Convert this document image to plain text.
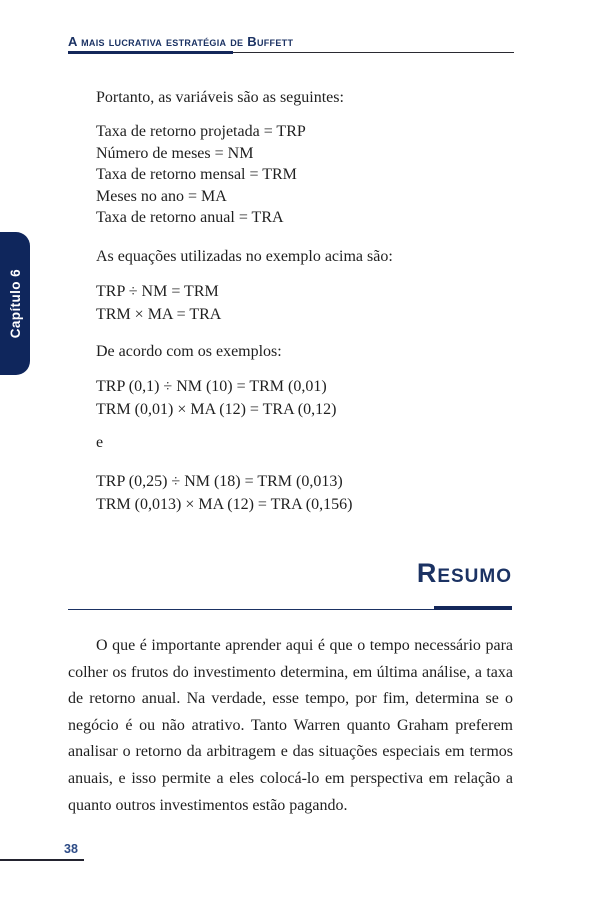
A mais lucrativa estratégia de Buffett
Capítulo 6
Portanto, as variáveis são as seguintes:
Taxa de retorno projetada = TRP
Número de meses = NM
Taxa de retorno mensal = TRM
Meses no ano = MA
Taxa de retorno anual = TRA
As equações utilizadas no exemplo acima são:
TRP ÷ NM = TRM
TRM × MA = TRA
De acordo com os exemplos:
TRP (0,1) ÷ NM (10) = TRM (0,01)
TRM (0,01) × MA (12) = TRA (0,12)
e
TRP (0,25) ÷ NM (18) = TRM (0,013)
TRM (0,013) × MA (12) = TRA (0,156)
Resumo
O que é importante aprender aqui é que o tempo necessário para colher os frutos do investimento determina, em última análise, a taxa de retorno anual. Na verdade, esse tempo, por fim, determina se o negócio é ou não atrativo. Tanto Warren quanto Graham preferem analisar o retorno da arbitragem e das situações especiais em termos anuais, e isso permite a eles colocá-lo em perspectiva em relação a quanto outros investimentos estão pagando.
38
